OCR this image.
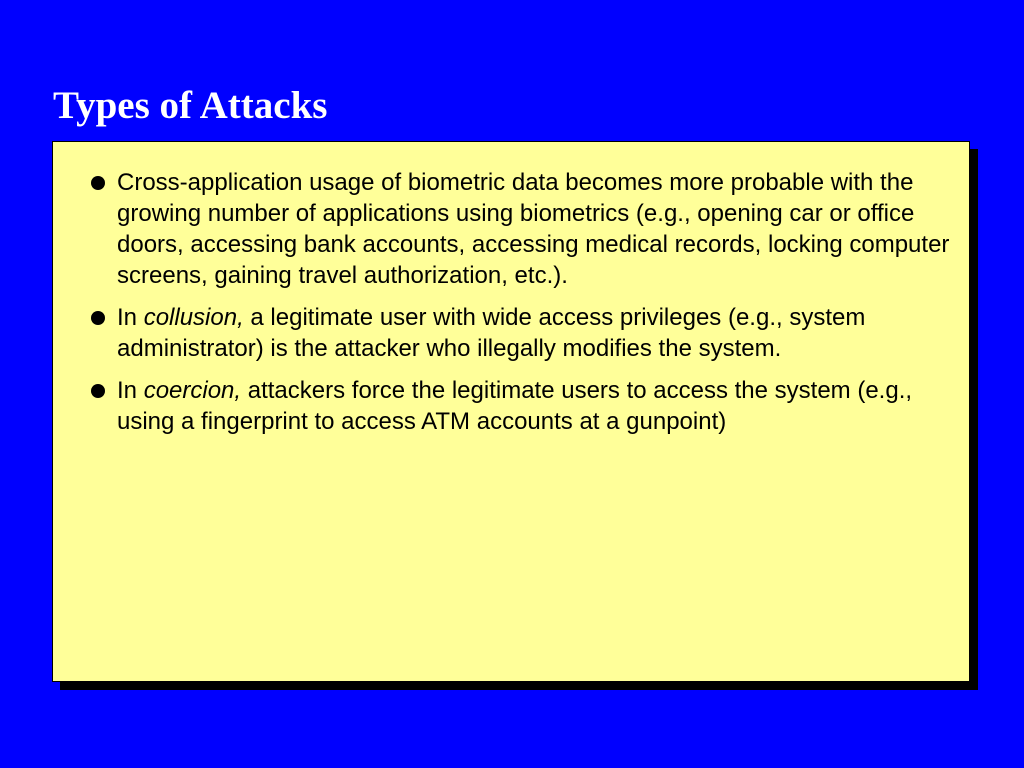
Types of Attacks
Cross-application usage of biometric data becomes more probable with the growing number of applications using biometrics (e.g., opening car or office doors, accessing bank accounts, accessing medical records, locking computer screens, gaining travel authorization, etc.).
In collusion, a legitimate user with wide access privileges (e.g., system administrator) is the attacker who illegally modifies the system.
In coercion, attackers force the legitimate users to access the system (e.g., using a fingerprint to access ATM accounts at a gunpoint)
